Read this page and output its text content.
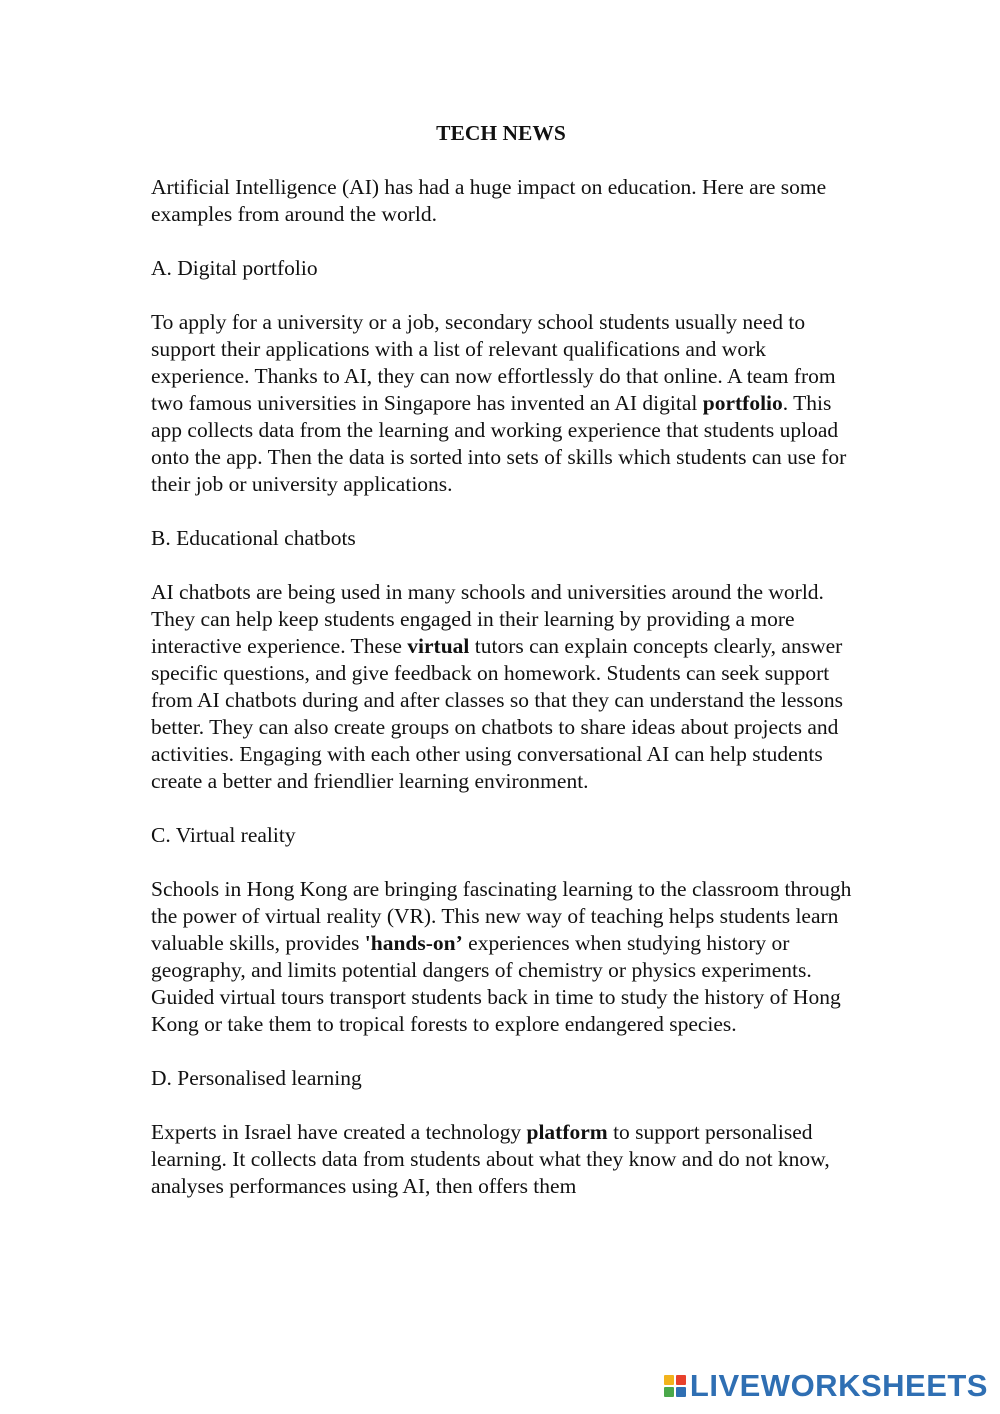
TECH NEWS

Artificial Intelligence (AI) has had a huge impact on education. Here are some examples from around the world.

A. Digital portfolio

To apply for a university or a job, secondary school students usually need to support their applications with a list of relevant qualifications and work experience. Thanks to AI, they can now effortlessly do that online. A team from two famous universities in Singapore has invented an AI digital portfolio. This app collects data from the learning and working experience that students upload onto the app. Then the data is sorted into sets of skills which students can use for their job or university applications.

B. Educational chatbots

AI chatbots are being used in many schools and universities around the world. They can help keep students engaged in their learning by providing a more interactive experience. These virtual tutors can explain concepts clearly, answer specific questions, and give feedback on homework. Students can seek support from AI chatbots during and after classes so that they can understand the lessons better. They can also create groups on chatbots to share ideas about projects and activities. Engaging with each other using conversational AI can help students create a better and friendlier learning environment.

C. Virtual reality

Schools in Hong Kong are bringing fascinating learning to the classroom through the power of virtual reality (VR). This new way of teaching helps students learn valuable skills, provides 'hands-on’ experiences when studying history or geography, and limits potential dangers of chemistry or physics experiments. Guided virtual tours transport students back in time to study the history of Hong Kong or take them to tropical forests to explore endangered species.

D. Personalised learning

Experts in Israel have created a technology platform to support personalised learning. It collects data from students about what they know and do not know, analyses performances using AI, then offers them

LIVEWORKSHEETS
